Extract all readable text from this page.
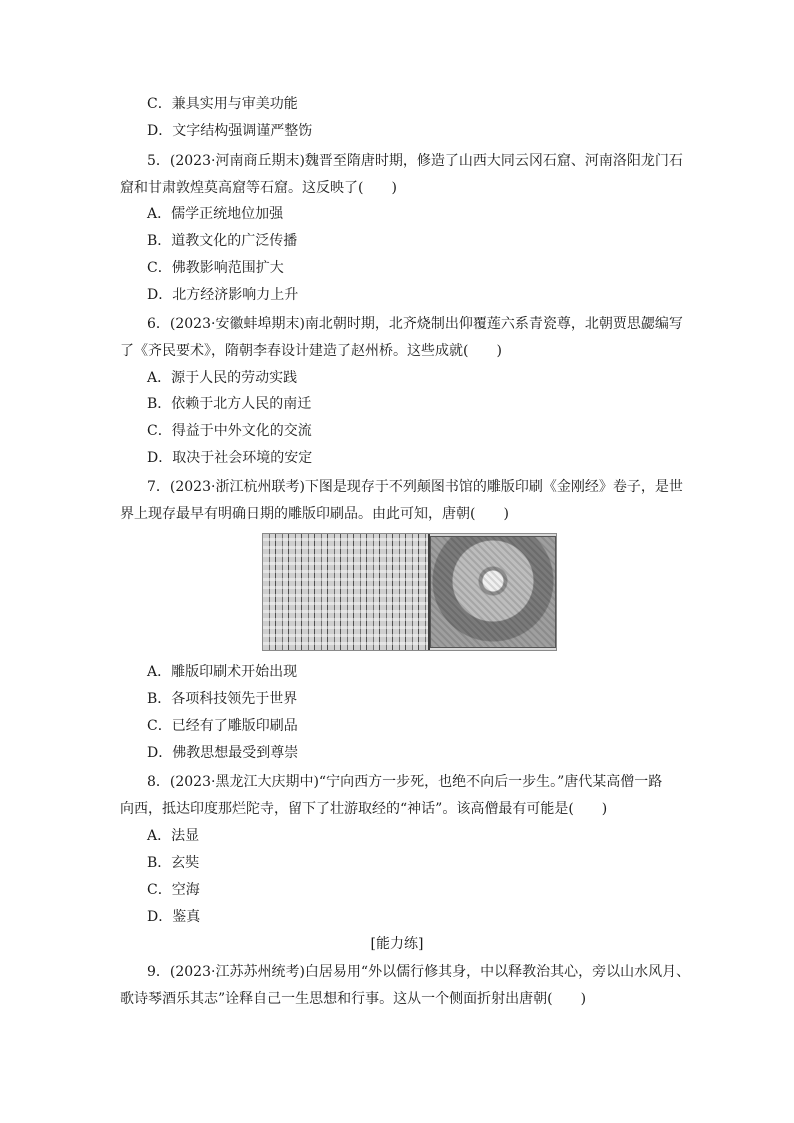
C．兼具实用与审美功能
D．文字结构强调谨严整饬
5．(2023·河南商丘期末)魏晋至隋唐时期，修造了山西大同云冈石窟、河南洛阳龙门石
窟和甘肃敦煌莫高窟等石窟。这反映了(　　)
A．儒学正统地位加强
B．道教文化的广泛传播
C．佛教影响范围扩大
D．北方经济影响力上升
6．(2023·安徽蚌埠期末)南北朝时期，北齐烧制出仰覆莲六系青瓷尊，北朝贾思勰编写
了《齐民要术》，隋朝李春设计建造了赵州桥。这些成就(　　)
A．源于人民的劳动实践
B．依赖于北方人民的南迁
C．得益于中外文化的交流
D．取决于社会环境的安定
7．(2023·浙江杭州联考)下图是现存于不列颠图书馆的雕版印刷《金刚经》卷子，是世
界上现存最早有明确日期的雕版印刷品。由此可知，唐朝(　　)
A．雕版印刷术开始出现
B．各项科技领先于世界
C．已经有了雕版印刷品
D．佛教思想最受到尊崇
8．(2023·黑龙江大庆期中)“宁向西方一步死，也绝不向后一步生。”唐代某高僧一路
向西，抵达印度那烂陀寺，留下了壮游取经的“神话”。该高僧最有可能是(　　)
A．法显
B．玄奘
C．空海
D．鉴真
[能力练]
9．(2023·江苏苏州统考)白居易用“外以儒行修其身，中以释教治其心，旁以山水风月、
歌诗琴酒乐其志”诠释自己一生思想和行事。这从一个侧面折射出唐朝(　　)
